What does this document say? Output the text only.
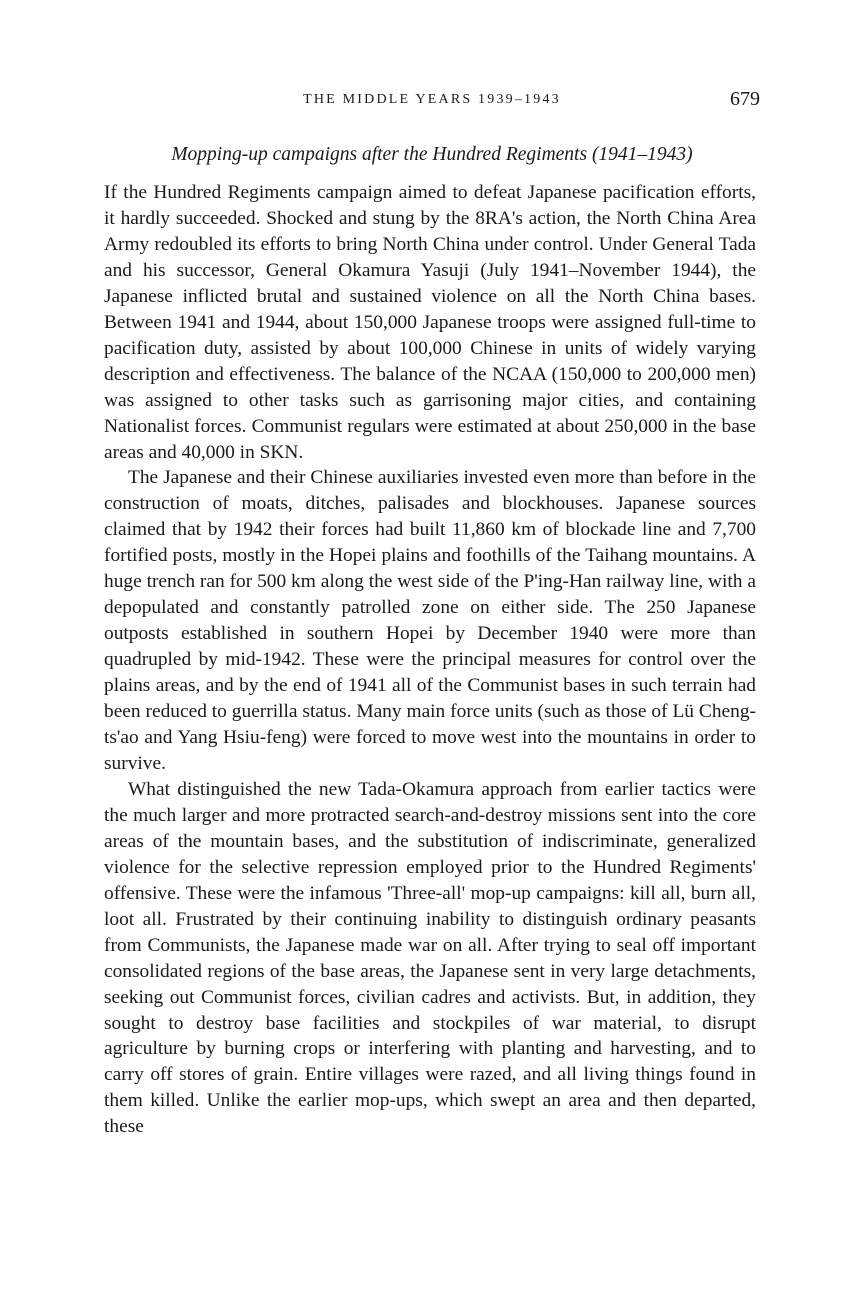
THE MIDDLE YEARS 1939–1943	679
Mopping-up campaigns after the Hundred Regiments (1941–1943)

If the Hundred Regiments campaign aimed to defeat Japanese pacification efforts, it hardly succeeded. Shocked and stung by the 8RA's action, the North China Area Army redoubled its efforts to bring North China under control. Under General Tada and his successor, General Okamura Yasuji (July 1941–November 1944), the Japanese inflicted brutal and sustained violence on all the North China bases. Between 1941 and 1944, about 150,000 Japanese troops were assigned full-time to pacification duty, assisted by about 100,000 Chinese in units of widely varying description and effectiveness. The balance of the NCAA (150,000 to 200,000 men) was assigned to other tasks such as garrisoning major cities, and containing Nationalist forces. Communist regulars were estimated at about 250,000 in the base areas and 40,000 in SKN.

The Japanese and their Chinese auxiliaries invested even more than before in the construction of moats, ditches, palisades and blockhouses. Japanese sources claimed that by 1942 their forces had built 11,860 km of blockade line and 7,700 fortified posts, mostly in the Hopei plains and foothills of the Taihang mountains. A huge trench ran for 500 km along the west side of the P'ing-Han railway line, with a depopulated and constantly patrolled zone on either side. The 250 Japanese outposts established in southern Hopei by December 1940 were more than quadrupled by mid-1942. These were the principal measures for control over the plains areas, and by the end of 1941 all of the Communist bases in such terrain had been reduced to guerrilla status. Many main force units (such as those of Lü Cheng-ts'ao and Yang Hsiu-feng) were forced to move west into the mountains in order to survive.

What distinguished the new Tada-Okamura approach from earlier tactics were the much larger and more protracted search-and-destroy missions sent into the core areas of the mountain bases, and the substitution of indiscriminate, generalized violence for the selective repression employed prior to the Hundred Regiments' offensive. These were the infamous 'Three-all' mop-up campaigns: kill all, burn all, loot all. Frustrated by their continuing inability to distinguish ordinary peasants from Communists, the Japanese made war on all. After trying to seal off important consolidated regions of the base areas, the Japanese sent in very large detachments, seeking out Communist forces, civilian cadres and activists. But, in addition, they sought to destroy base facilities and stockpiles of war material, to disrupt agriculture by burning crops or interfering with planting and harvesting, and to carry off stores of grain. Entire villages were razed, and all living things found in them killed. Unlike the earlier mop-ups, which swept an area and then departed, these
